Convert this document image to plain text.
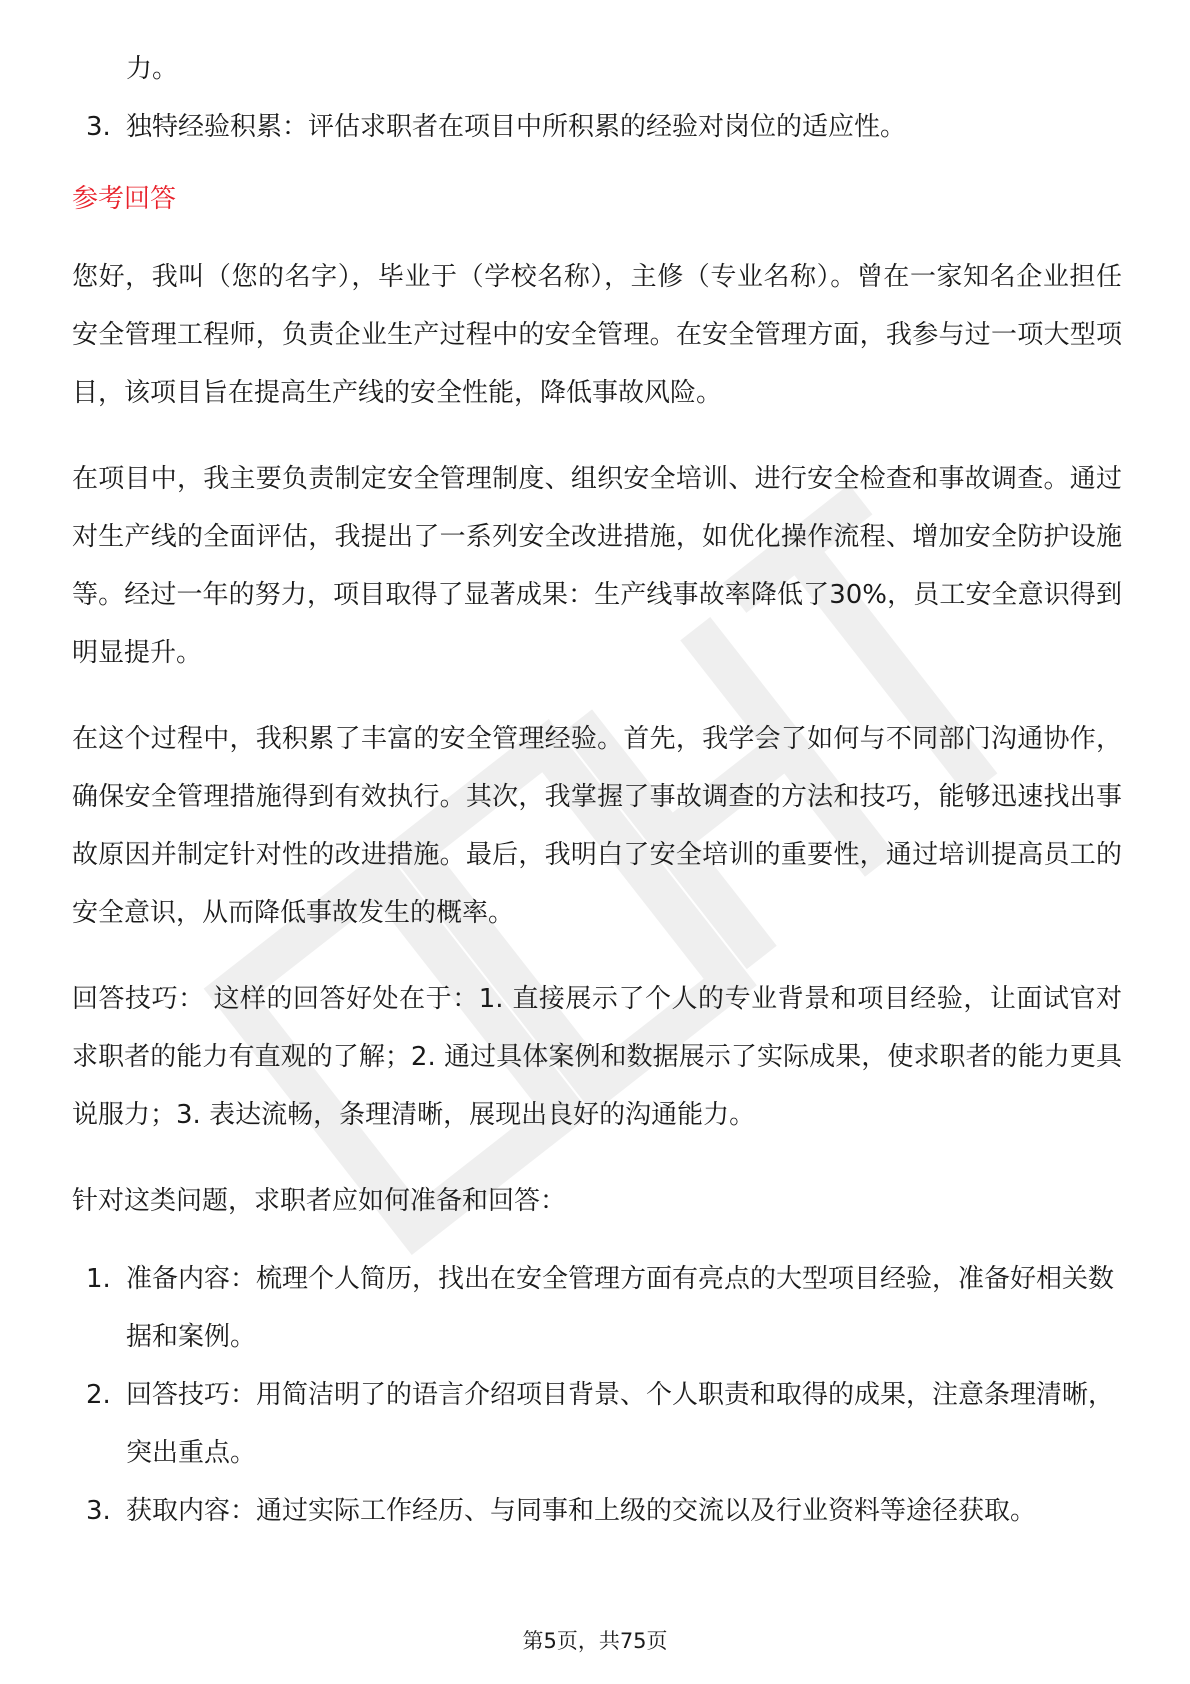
力。

3. 独特经验积累：评估求职者在项目中所积累的经验对岗位的适应性。
参考回答

您好，我叫（您的名字），毕业于（学校名称），主修（专业名称）。曾在一家知名企业担任安全管理工程师，负责企业生产过程中的安全管理。在安全管理方面，我参与过一项大型项目，该项目旨在提高生产线的安全性能，降低事故风险。

在项目中，我主要负责制定安全管理制度、组织安全培训、进行安全检查和事故调查。通过对生产线的全面评估，我提出了一系列安全改进措施，如优化操作流程、增加安全防护设施等。经过一年的努力，项目取得了显著成果：生产线事故率降低了30%，员工安全意识得到明显提升。

在这个过程中，我积累了丰富的安全管理经验。首先，我学会了如何与不同部门沟通协作，确保安全管理措施得到有效执行。其次，我掌握了事故调查的方法和技巧，能够迅速找出事故原因并制定针对性的改进措施。最后，我明白了安全培训的重要性，通过培训提高员工的安全意识，从而降低事故发生的概率。

回答技巧： 这样的回答好处在于：1. 直接展示了个人的专业背景和项目经验，让面试官对求职者的能力有直观的了解；2. 通过具体案例和数据展示了实际成果，使求职者的能力更具说服力；3. 表达流畅，条理清晰，展现出良好的沟通能力。

针对这类问题，求职者应如何准备和回答：

1. 准备内容：梳理个人简历，找出在安全管理方面有亮点的大型项目经验，准备好相关数据和案例。
2. 回答技巧：用简洁明了的语言介绍项目背景、个人职责和取得的成果，注意条理清晰，突出重点。
3. 获取内容：通过实际工作经历、与同事和上级的交流以及行业资料等途径获取。
第5页，共75页
